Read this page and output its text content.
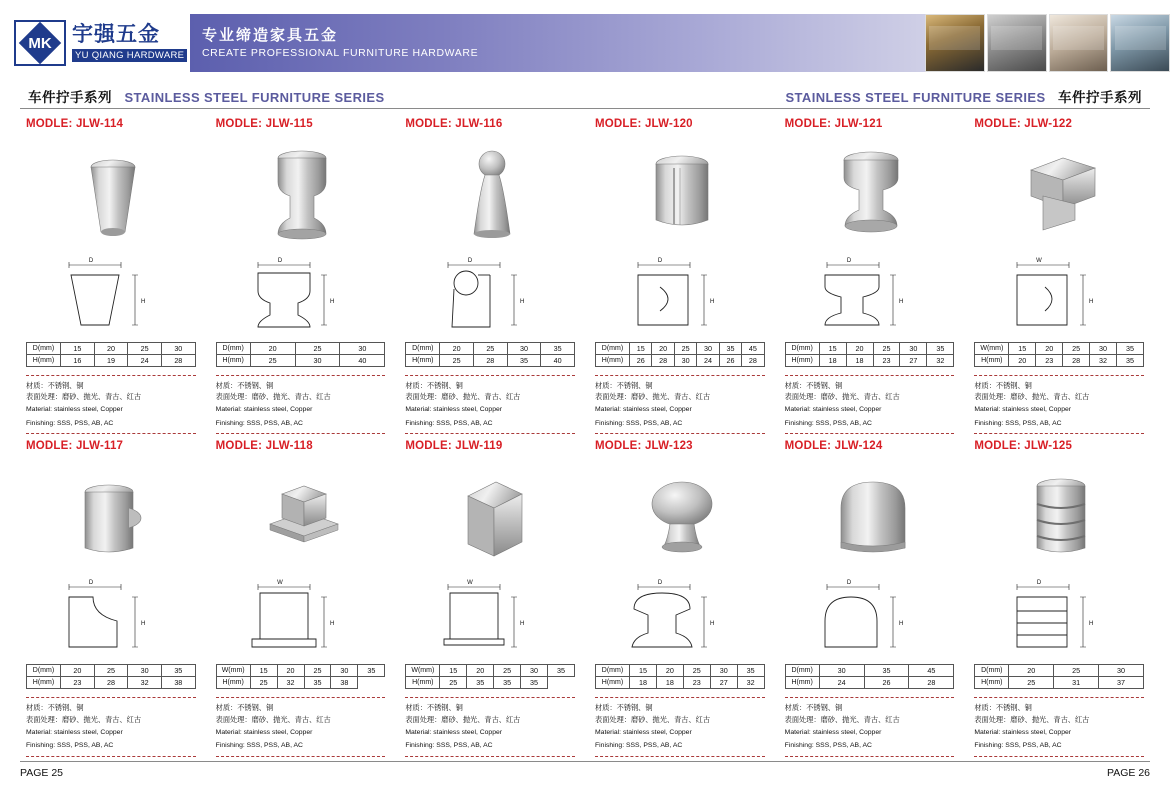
MK 宇强五金
YU QIANG HARDWARE
专业缔造家具五金
CREATE PROFESSIONAL FURNITURE HARDWARE
车件拧手系列 STAINLESS STEEL FURNITURE SERIES	STAINLESS STEEL FURNITURE SERIES 车件拧手系列
MODLE: JLW-114
D
H
D(mm)	15	20	25	30
H(mm)	16	19	24	28
材质：不锈钢、铜
表面处理：磨砂、抛光、青古、红古
Material: stainless steel, Copper
Finishing: SSS, PSS, AB, AC
MODLE: JLW-115
D
H
D(mm)	20	25	30
H(mm)	25	30	40
材质：不锈钢、铜
表面处理：磨砂、抛光、青古、红古
Material: stainless steel, Copper
Finishing: SSS, PSS, AB, AC
MODLE: JLW-116
D
H
D(mm)	20	25	30	35
H(mm)	25	28	35	40
材质：不锈钢、铜
表面处理：磨砂、抛光、青古、红古
Material: stainless steel, Copper
Finishing: SSS, PSS, AB, AC
MODLE: JLW-120
D
H
D(mm)	15	20	25	30	35	45
H(mm)	26	28	30	24	26	28
材质：不锈钢、铜
表面处理：磨砂、抛光、青古、红古
Material: stainless steel, Copper
Finishing: SSS, PSS, AB, AC
MODLE: JLW-121
D
H
D(mm)	15	20	25	30	35
H(mm)	18	18	23	27	32
材质：不锈钢、铜
表面处理：磨砂、抛光、青古、红古
Material: stainless steel, Copper
Finishing: SSS, PSS, AB, AC
MODLE: JLW-122
W
H
W(mm)	15	20	25	30	35
H(mm)	20	23	28	32	35
材质：不锈钢、铜
表面处理：磨砂、抛光、青古、红古
Material: stainless steel, Copper
Finishing: SSS, PSS, AB, AC
MODLE: JLW-117
D
H
D(mm)	20	25	30	35
H(mm)	23	28	32	38
材质：不锈钢、铜
表面处理：磨砂、抛光、青古、红古
Material: stainless steel, Copper
Finishing: SSS, PSS, AB, AC
MODLE: JLW-118
W
H
W(mm)	15	20	25	30	35
H(mm)	25	32	35	38	
材质：不锈钢、铜
表面处理：磨砂、抛光、青古、红古
Material: stainless steel, Copper
Finishing: SSS, PSS, AB, AC
MODLE: JLW-119
W
H
W(mm)	15	20	25	30	35
H(mm)	25	35	35	35	
材质：不锈钢、铜
表面处理：磨砂、抛光、青古、红古
Material: stainless steel, Copper
Finishing: SSS, PSS, AB, AC
MODLE: JLW-123
D
H
D(mm)	15	20	25	30	35
H(mm)	18	18	23	27	32
材质：不锈钢、铜
表面处理：磨砂、抛光、青古、红古
Material: stainless steel, Copper
Finishing: SSS, PSS, AB, AC
MODLE: JLW-124
D
H
D(mm)	30	35	45
H(mm)	24	26	28
材质：不锈钢、铜
表面处理：磨砂、抛光、青古、红古
Material: stainless steel, Copper
Finishing: SSS, PSS, AB, AC
MODLE: JLW-125
D
H
D(mm)	20	25	30
H(mm)	25	31	37
材质：不锈钢、铜
表面处理：磨砂、抛光、青古、红古
Material: stainless steel, Copper
Finishing: SSS, PSS, AB, AC
PAGE 25	PAGE 26
